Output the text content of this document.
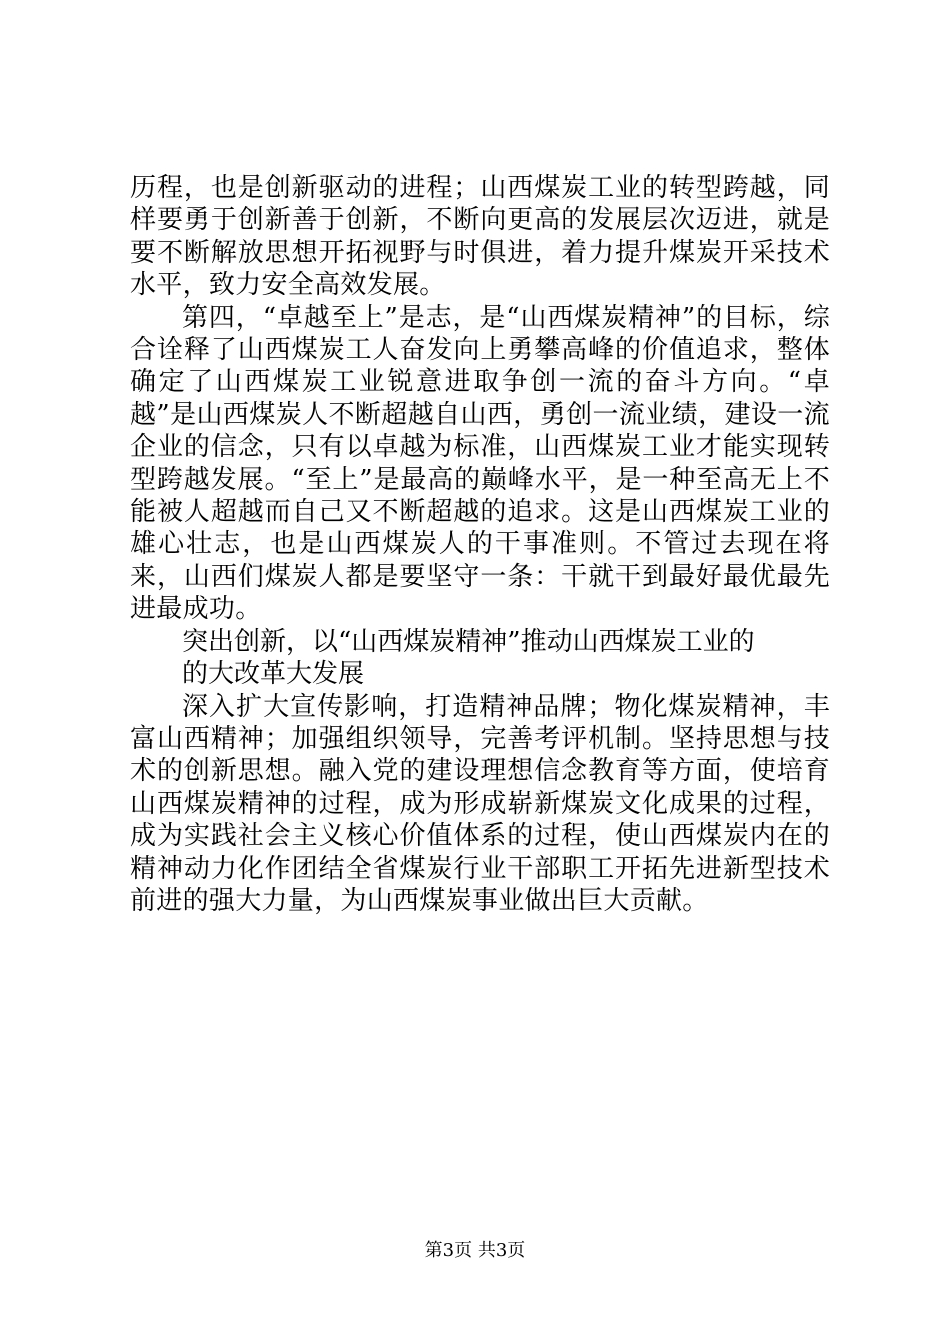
历程，也是创新驱动的进程；山西煤炭工业的转型跨越，同样要勇于创新善于创新，不断向更高的发展层次迈进，就是要不断解放思想开拓视野与时俱进，着力提升煤炭开采技术水平，致力安全高效发展。

第四，“卓越至上”是志，是“山西煤炭精神”的目标，综合诠释了山西煤炭工人奋发向上勇攀高峰的价值追求，整体确定了山西煤炭工业锐意进取争创一流的奋斗方向。“卓越”是山西煤炭人不断超越自山西，勇创一流业绩，建设一流企业的信念，只有以卓越为标准，山西煤炭工业才能实现转型跨越发展。“至上”是最高的巅峰水平，是一种至高无上不能被人超越而自己又不断超越的追求。这是山西煤炭工业的雄心壮志，也是山西煤炭人的干事准则。不管过去现在将来，山西们煤炭人都是要坚守一条：干就干到最好最优最先进最成功。

突出创新，以“山西煤炭精神”推动山西煤炭工业的

的大改革大发展

深入扩大宣传影响，打造精神品牌；物化煤炭精神，丰富山西精神；加强组织领导，完善考评机制。坚持思想与技术的创新思想。融入党的建设理想信念教育等方面，使培育山西煤炭精神的过程，成为形成崭新煤炭文化成果的过程，成为实践社会主义核心价值体系的过程，使山西煤炭内在的精神动力化作团结全省煤炭行业干部职工开拓先进新型技术前进的强大力量，为山西煤炭事业做出巨大贡献。

第3页 共3页
